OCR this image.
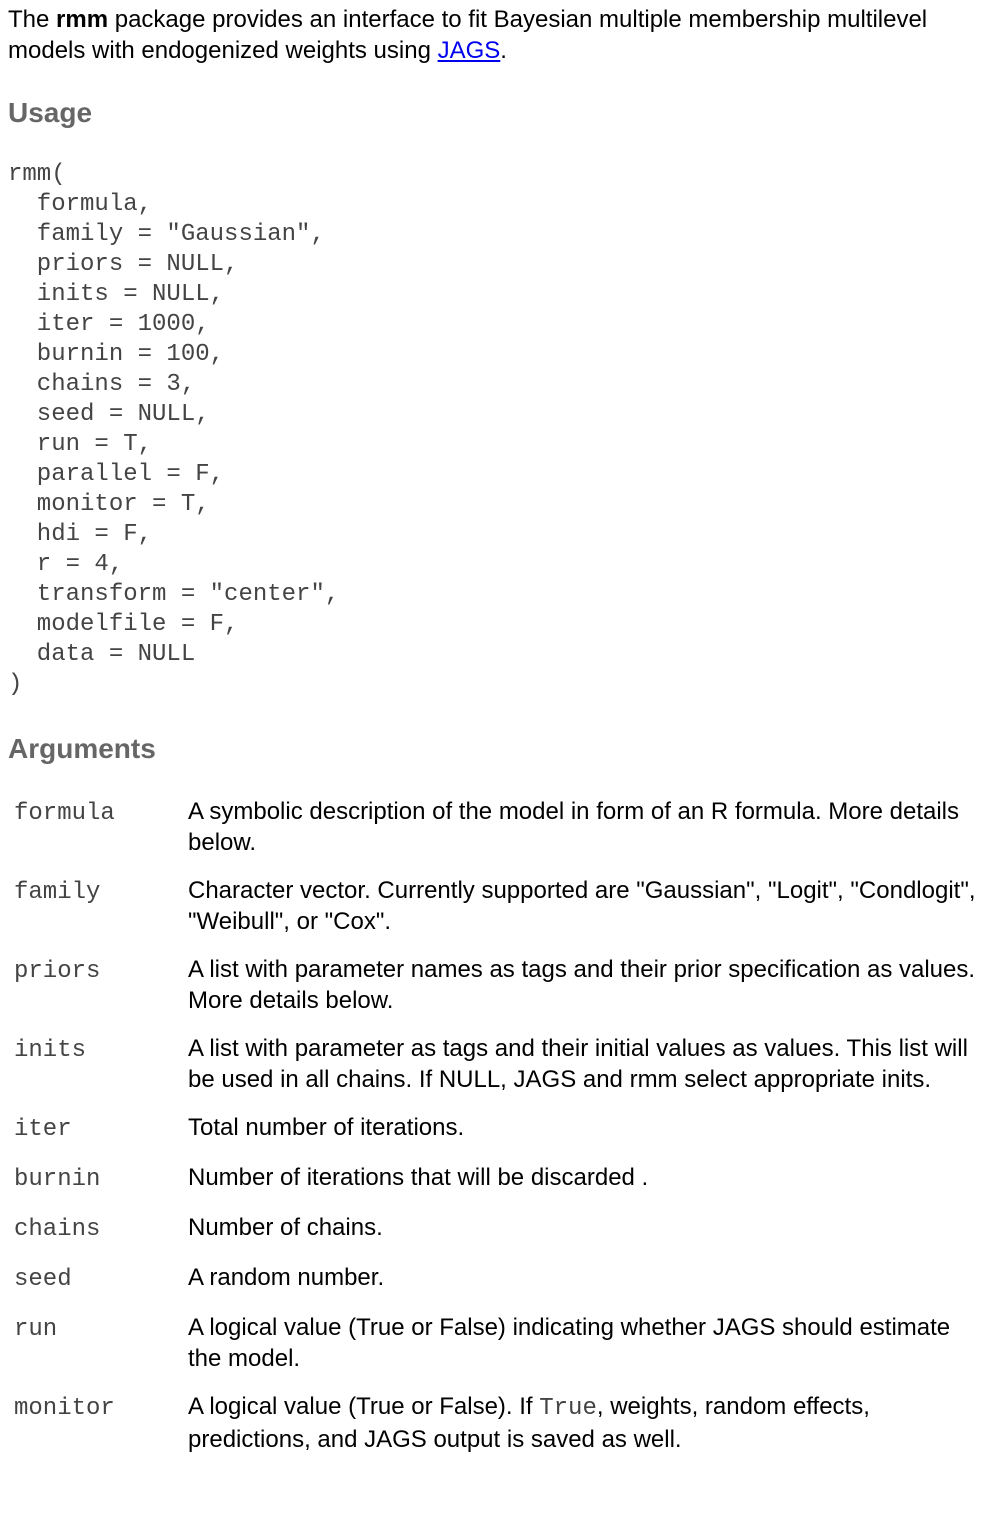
The rmm package provides an interface to fit Bayesian multiple membership multilevel models with endogenized weights using JAGS.

Usage
rmm(
formula,
family = "Gaussian",
priors = NULL,
inits = NULL,
iter = 1000,
burnin = 100,
chains = 3,
seed = NULL,
run = T,
parallel = F,
monitor = T,
hdi = F,
r = 4,
transform = "center",
modelfile = F,
data = NULL
)
Arguments
formula	A symbolic description of the model in form of an R formula. More details below.
family	Character vector. Currently supported are "Gaussian", "Logit", "Condlogit", "Weibull", or "Cox".
priors	A list with parameter names as tags and their prior specification as values. More details below.
inits	A list with parameter as tags and their initial values as values. This list will be used in all chains. If NULL, JAGS and rmm select appropriate inits.
iter	Total number of iterations.
burnin	Number of iterations that will be discarded .
chains	Number of chains.
seed	A random number.
run	A logical value (True or False) indicating whether JAGS should estimate the model.
monitor	A logical value (True or False). If True, weights, random effects, predictions, and JAGS output is saved as well.
